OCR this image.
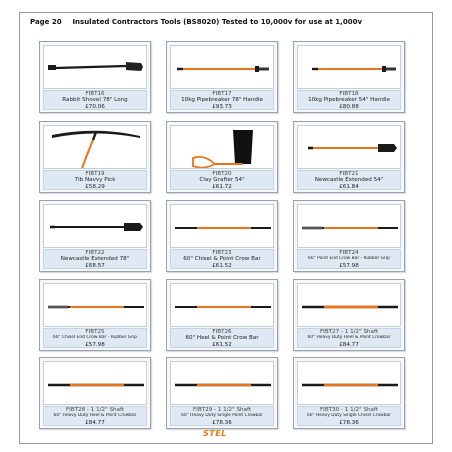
Page 20 Insulated Contractors Tools (BS8020) Tested to 10,000v for use at 1,000v
FIBT16
Rabbit Shovel 78" Long
£70.06
FIBT17
10kg Pipebreaker 78" Handle
£93.73
FIBT18
10kg Pipebreaker 54" Handle
£80.88
FIBT19
7lb Navvy Pick
£58.29
FIBT20
Clay Grafter 54"
£61.72
FIBT21
Newcastle Extended 54"
£61.84
FIBT22
Newcastle Extended 78"
£68.57
FIBT23
60" Chisel & Point Crow Bar
£61.52
FIBT24
60" Point End Crow Bar - Rubber Grip
£57.98
FIBT25
60" Chisel End Crow Bar - Rubber Grip
£57.98
FIBT26
60" Heel & Point Crow Bar
£61.52
FIBT27 - 1 1/2" Shaft
60" Heavy Duty Heel & Point Crowbar
£84.77
FIBT28 - 1 1/2" Shaft
60" Heavy Duty Heel & Point Crowbar
£84.77
FIBT29 - 1 1/2" Shaft
60" Heavy Duty Single Point Crowbar
£78.36
FIBT30 - 1 1/2" Shaft
60" Heavy Duty Single Chisel Crowbar
£78.36
STEL
